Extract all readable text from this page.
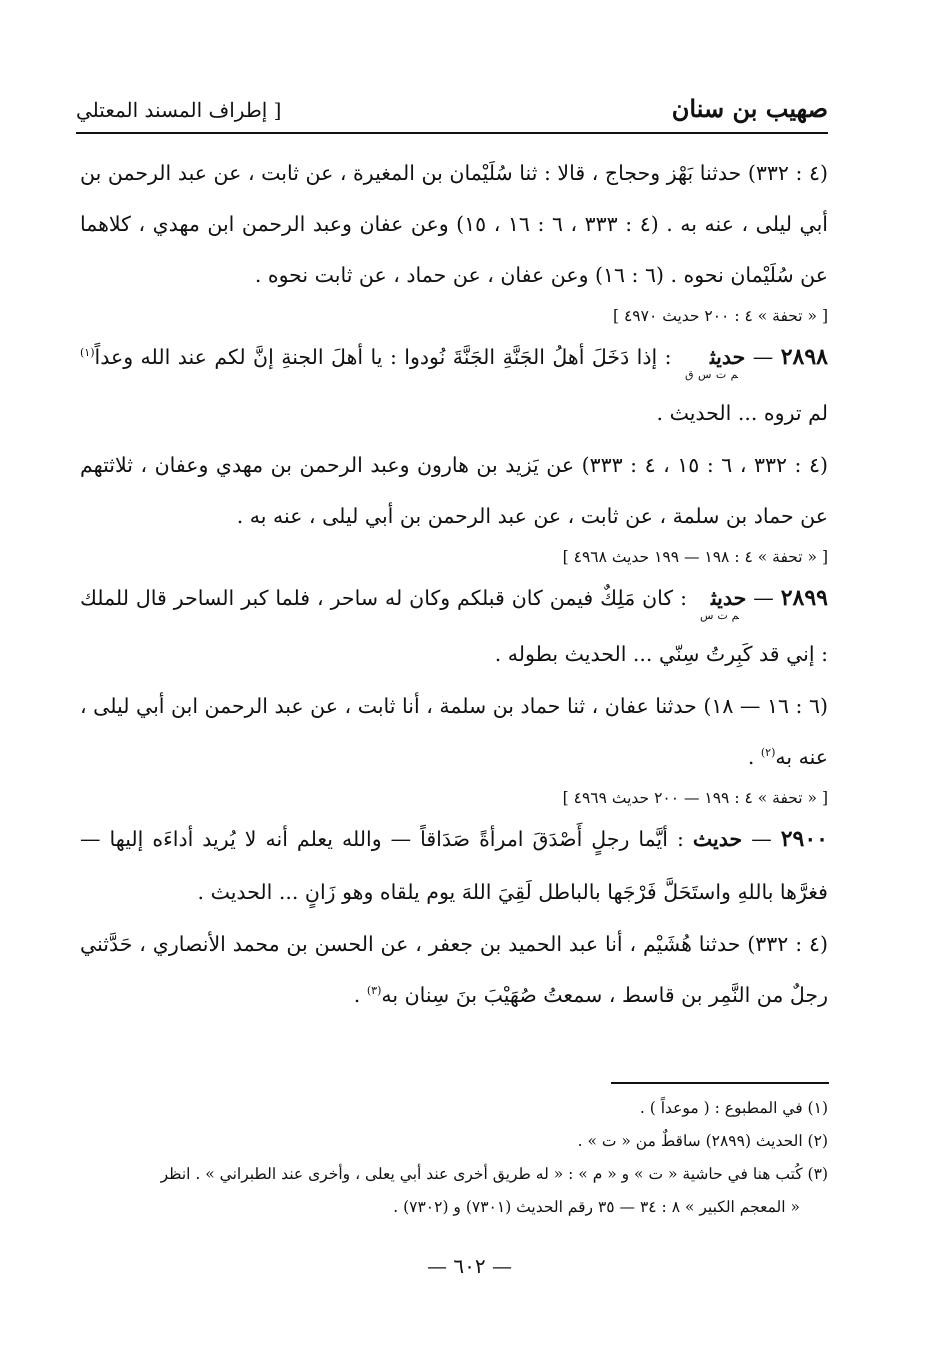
صهيب بن سنان
[ إطراف المسند المعتلي

(٤ : ٣٣٢) حدثنا بَهْز وحجاج ، قالا : ثنا سُلَيْمان بن المغيرة ، عن ثابت ، عن عبد الرحمن بن أبي ليلى ، عنه به . (٤ : ٣٣٣ ، ٦ : ١٦ ، ١٥) وعن عفان وعبد الرحمن ابن مهدي ، كلاهما عن سُلَيْمان نحوه . (٦ : ١٦) وعن عفان ، عن حماد ، عن ثابت نحوه .

[ « تحفة » ٤ : ٢٠٠ حديث ٤٩٧٠ ]

٢٨٩٨ — حديث$_{م ت س ق}$ : إذا دَخَلَ أهلُ الجَنَّةِ الجَنَّةَ نُودوا : يا أهلَ الجنةِ إنَّ لكم عند الله وعداً$^{(١)}$ لم تروه ... الحديث .

(٤ : ٣٣٢ ، ٦ : ١٥ ، ٤ : ٣٣٣) عن يَزيد بن هارون وعبد الرحمن بن مهدي وعفان ، ثلاثتهم عن حماد بن سلمة ، عن ثابت ، عن عبد الرحمن بن أبي ليلى ، عنه به .

[ « تحفة » ٤ : ١٩٨ — ١٩٩ حديث ٤٩٦٨ ]

٢٨٩٩ — حديث$_{م ت س}$ : كان مَلِكٌ فيمن كان قبلكم وكان له ساحر ، فلما كبر الساحر قال للملك : إني قد كَبِرتُ سِنّي ... الحديث بطوله .

(٦ : ١٦ — ١٨) حدثنا عفان ، ثنا حماد بن سلمة ، أنا ثابت ، عن عبد الرحمن ابن أبي ليلى ، عنه به$^{(٢)}$ .

[ « تحفة » ٤ : ١٩٩ — ٢٠٠ حديث ٤٩٦٩ ]

٢٩٠٠ — حديث : أيَّما رجلٍ أَصْدَقَ امرأةً صَدَاقاً — والله يعلم أنه لا يُريد أداءَه إليها — فغرَّها باللهِ واستَحَلَّ فَرْجَها بالباطل لَقِيَ اللهَ يوم يلقاه وهو زَانٍ ... الحديث .

(٤ : ٣٣٢) حدثنا هُشَيْم ، أنا عبد الحميد بن جعفر ، عن الحسن بن محمد الأنصاري ، حَدَّثني رجلٌ من النَّمِر بن قاسط ، سمعتُ صُهَيْبَ بنَ سِنان به$^{(٣)}$ .

(١) في المطبوع : ( موعداً ) .

(٢) الحديث (٢٨٩٩) ساقطٌ من « ت » .

(٣) كُتب هنا في حاشية « ت » و « م » : « له طريق أخرى عند أبي يعلى ، وأخرى عند الطبراني » . انظر

« المعجم الكبير » ٨ : ٣٤ — ٣٥ رقم الحديث (٧٣٠١) و (٧٣٠٢) .

— ٦٠٢ —
